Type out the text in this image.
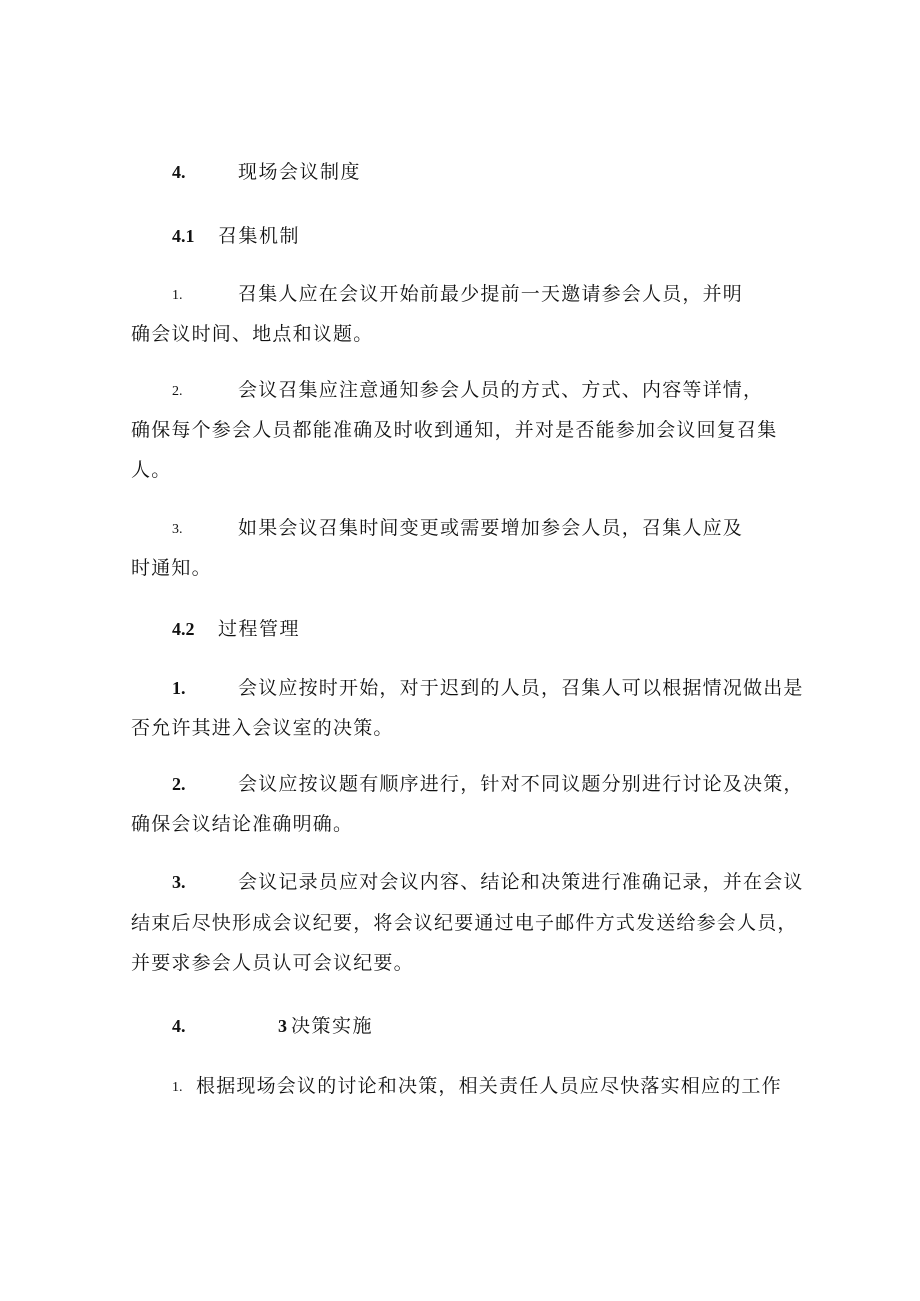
4.	现场会议制度
4.1 召集机制
1.	召集人应在会议开始前最少提前一天邀请参会人员，并明
确会议时间、地点和议题。
2.	会议召集应注意通知参会人员的方式、方式、内容等详情，
确保每个参会人员都能准确及时收到通知，并对是否能参加会议回复召集
人。
3.	如果会议召集时间变更或需要增加参会人员，召集人应及
时通知。
4.2 过程管理
1.	会议应按时开始，对于迟到的人员，召集人可以根据情况做出是
否允许其进入会议室的决策。
2.	会议应按议题有顺序进行，针对不同议题分别进行讨论及决策，
确保会议结论准确明确。
3.	会议记录员应对会议内容、结论和决策进行准确记录，并在会议
结束后尽快形成会议纪要，将会议纪要通过电子邮件方式发送给参会人员，
并要求参会人员认可会议纪要。
4.	3 决策实施
1. 根据现场会议的讨论和决策，相关责任人员应尽快落实相应的工作
